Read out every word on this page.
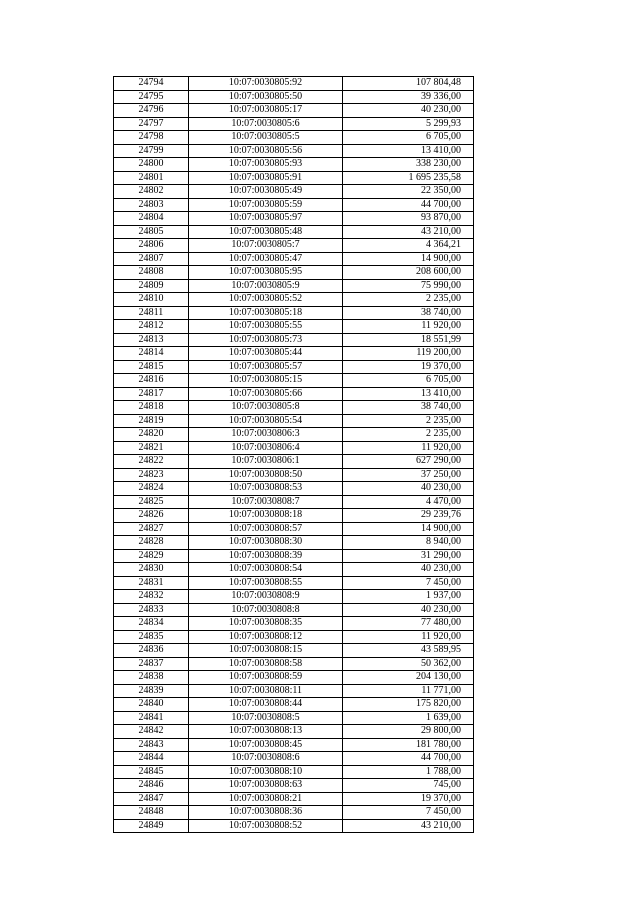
24794	10:07:0030805:92	107 804,48
24795	10:07:0030805:50	39 336,00
24796	10:07:0030805:17	40 230,00
24797	10:07:0030805:6	5 299,93
24798	10:07:0030805:5	6 705,00
24799	10:07:0030805:56	13 410,00
24800	10:07:0030805:93	338 230,00
24801	10:07:0030805:91	1 695 235,58
24802	10:07:0030805:49	22 350,00
24803	10:07:0030805:59	44 700,00
24804	10:07:0030805:97	93 870,00
24805	10:07:0030805:48	43 210,00
24806	10:07:0030805:7	4 364,21
24807	10:07:0030805:47	14 900,00
24808	10:07:0030805:95	208 600,00
24809	10:07:0030805:9	75 990,00
24810	10:07:0030805:52	2 235,00
24811	10:07:0030805:18	38 740,00
24812	10:07:0030805:55	11 920,00
24813	10:07:0030805:73	18 551,99
24814	10:07:0030805:44	119 200,00
24815	10:07:0030805:57	19 370,00
24816	10:07:0030805:15	6 705,00
24817	10:07:0030805:66	13 410,00
24818	10:07:0030805:8	38 740,00
24819	10:07:0030805:54	2 235,00
24820	10:07:0030806:3	2 235,00
24821	10:07:0030806:4	11 920,00
24822	10:07:0030806:1	627 290,00
24823	10:07:0030808:50	37 250,00
24824	10:07:0030808:53	40 230,00
24825	10:07:0030808:7	4 470,00
24826	10:07:0030808:18	29 239,76
24827	10:07:0030808:57	14 900,00
24828	10:07:0030808:30	8 940,00
24829	10:07:0030808:39	31 290,00
24830	10:07:0030808:54	40 230,00
24831	10:07:0030808:55	7 450,00
24832	10:07:0030808:9	1 937,00
24833	10:07:0030808:8	40 230,00
24834	10:07:0030808:35	77 480,00
24835	10:07:0030808:12	11 920,00
24836	10:07:0030808:15	43 589,95
24837	10:07:0030808:58	50 362,00
24838	10:07:0030808:59	204 130,00
24839	10:07:0030808:11	11 771,00
24840	10:07:0030808:44	175 820,00
24841	10:07:0030808:5	1 639,00
24842	10:07:0030808:13	29 800,00
24843	10:07:0030808:45	181 780,00
24844	10:07:0030808:6	44 700,00
24845	10:07:0030808:10	1 788,00
24846	10:07:0030808:63	745,00
24847	10:07:0030808:21	19 370,00
24848	10:07:0030808:36	7 450,00
24849	10:07:0030808:52	43 210,00
